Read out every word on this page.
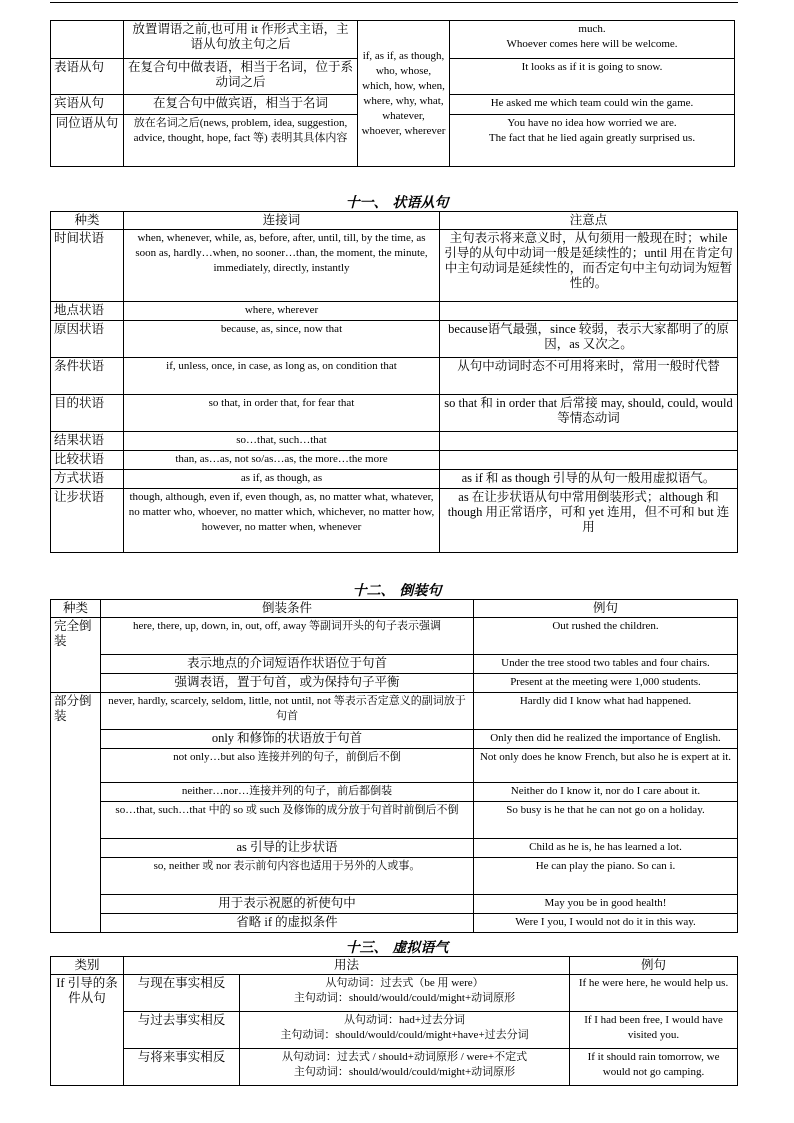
	放置谓语之前,也可用 it 作形式主语，主语从句放主句之后	if, as if, as though, who, whose, which, how, when, where, why, what, whatever, whoever, wherever	much.
Whoever comes here will be welcome.
表语从句	在复合句中做表语，相当于名词，位于系动词之后		It looks as if it is going to snow.
宾语从句	在复合句中做宾语，相当于名词		He asked me which team could win the game.
同位语从句	放在名词之后(news, problem, idea, suggestion, advice, thought, hope, fact 等) 表明其具体内容		You have no idea how worried we are.
The fact that he lied again greatly surprised us.
十一、 状语从句
种类	连接词	注意点
时间状语	when, whenever, while, as, before, after, until, till, by the time, as soon as, hardly…when, no sooner…than, the moment, the minute, immediately, directly, instantly	主句表示将来意义时，从句须用一般现在时；while 引导的从句中动词一般是延续性的；until 用在肯定句中主句动词是延续性的，而否定句中主句动词为短暂性的。
地点状语	where, wherever	
原因状语	because, as, since, now that	because语气最强，since 较弱，表示大家都明了的原因，as 又次之。
条件状语	if, unless, once, in case, as long as, on condition that	从句中动词时态不可用将来时，常用一般时代替
目的状语	so that, in order that, for fear that	so that 和 in order that 后常接 may, should, could, would 等情态动词
结果状语	so…that, such…that	
比较状语	than, as…as, not so/as…as, the more…the more	
方式状语	as if, as though, as	as if 和 as though 引导的从句一般用虚拟语气。
让步状语	though, although, even if, even though, as, no matter what, whatever, no matter who, whoever, no matter which, whichever, no matter how, however, no matter when, whenever	as 在让步状语从句中常用倒装形式；although 和 though 用正常语序，可和 yet 连用，但不可和 but 连用
十二、 倒装句
种类	倒装条件	例句
完全倒装	here, there, up, down, in, out, off, away 等副词开头的句子表示强调	Out rushed the children.
	表示地点的介词短语作状语位于句首	Under the tree stood two tables and four chairs.
	强调表语，置于句首，或为保持句子平衡	Present at the meeting were 1,000 students.
部分倒装	never, hardly, scarcely, seldom, little, not until, not 等表示否定意义的副词放于句首	Hardly did I know what had happened.
	only 和修饰的状语放于句首	Only then did he realized the importance of English.
	not only…but also 连接并列的句子，前倒后不倒	Not only does he know French, but also he is expert at it.
	neither…nor…连接并列的句子，前后都倒装	Neither do I know it, nor do I care about it.
	so…that, such…that 中的 so 或 such 及修饰的成分放于句首时前倒后不倒	So busy is he that he can not go on a holiday.
	as 引导的让步状语	Child as he is, he has learned a lot.
	so, neither 或 nor 表示前句内容也适用于另外的人或事。	He can play the piano. So can i.
	用于表示祝愿的祈使句中	May you be in good health!
	省略 if 的虚拟条件	Were I you, I would not do it in this way.
十三、 虚拟语气
类别	用法		例句
If 引导的条件从句	与现在事实相反	从句动词：过去式（be 用 were）
主句动词：should/would/could/might+动词原形	If he were here, he would help us.
	与过去事实相反	从句动词：had+过去分词
主句动词：should/would/could/might+have+过去分词	If I had been free, I would have visited you.
	与将来事实相反	从句动词：过去式 / should+动词原形 / were+不定式
主句动词：should/would/could/might+动词原形	If it should rain tomorrow, we would not go camping.
